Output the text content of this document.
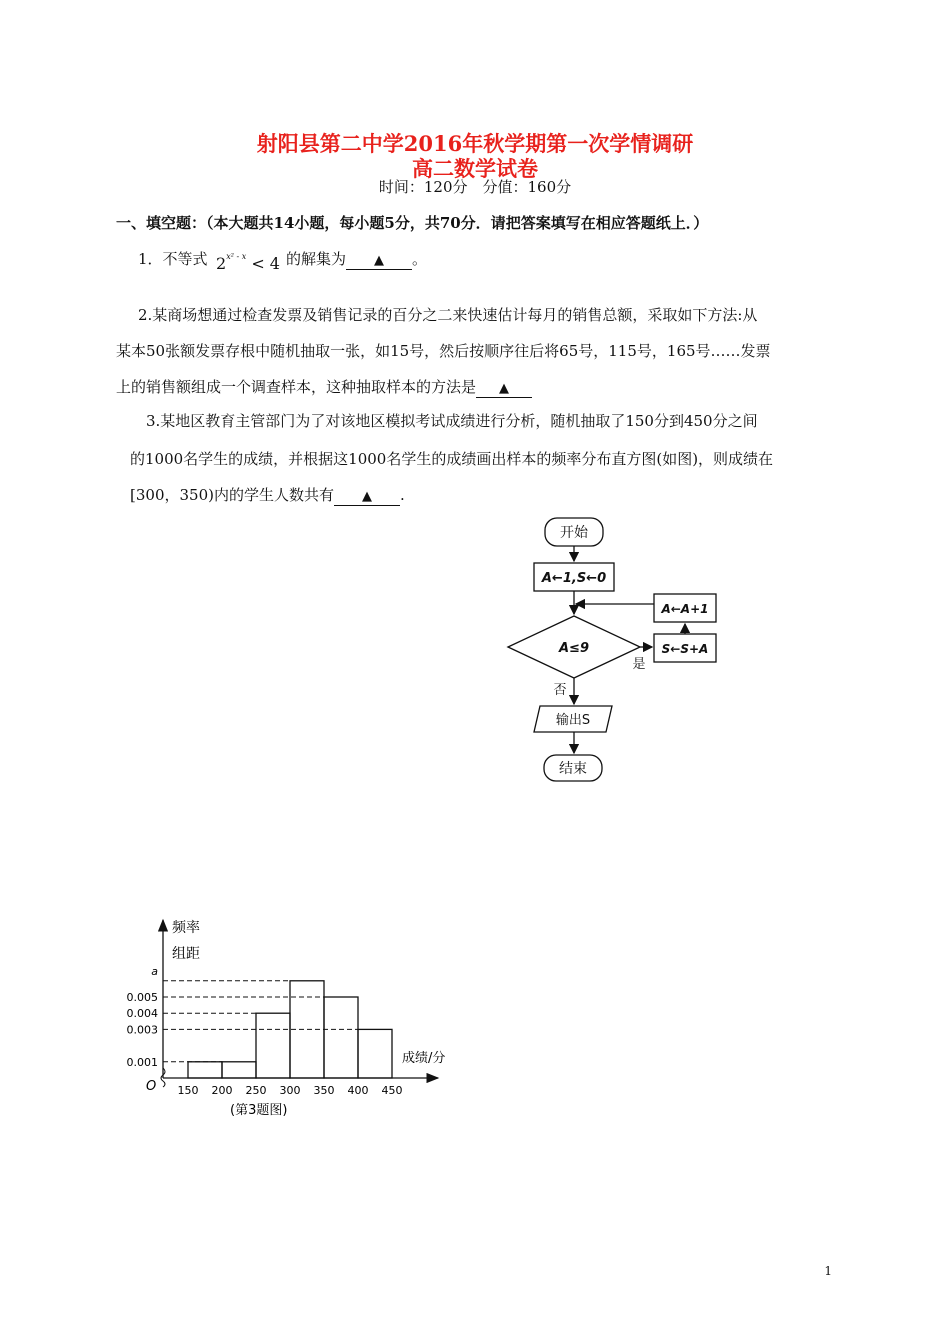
射阳县第二中学2016年秋学期第一次学情调研
高二数学试卷
时间：120分　分值：160分
一、填空题：（本大题共14小题，每小题5分，共70分．请把答案填写在相应答题纸上．）
1．不等式 $2^{x^2 - x} < 4$ 的解集为 ▲ 。
2.某商场想通过检查发票及销售记录的百分之二来快速估计每月的销售总额，采取如下方法:从
某本50张额发票存根中随机抽取一张，如15号，然后按顺序往后将65号，115号，165号……发票
上的销售额组成一个调查样本，这种抽取样本的方法是 ▲
3.某地区教育主管部门为了对该地区模拟考试成绩进行分析，随机抽取了150分到450分之间
的1000名学生的成绩，并根据这1000名学生的成绩画出样本的频率分布直方图(如图)，则成绩在
[300，350)内的学生人数共有 ▲ .
开始
A←1,S←0
A≤9
是
否
S←S+A
A←A+1
输出S
结束
0.001
0.003
0.004
0.005
a
150 200 250 300 350 400 450
频率
组距
成绩/分
O
(第3题图)
1
